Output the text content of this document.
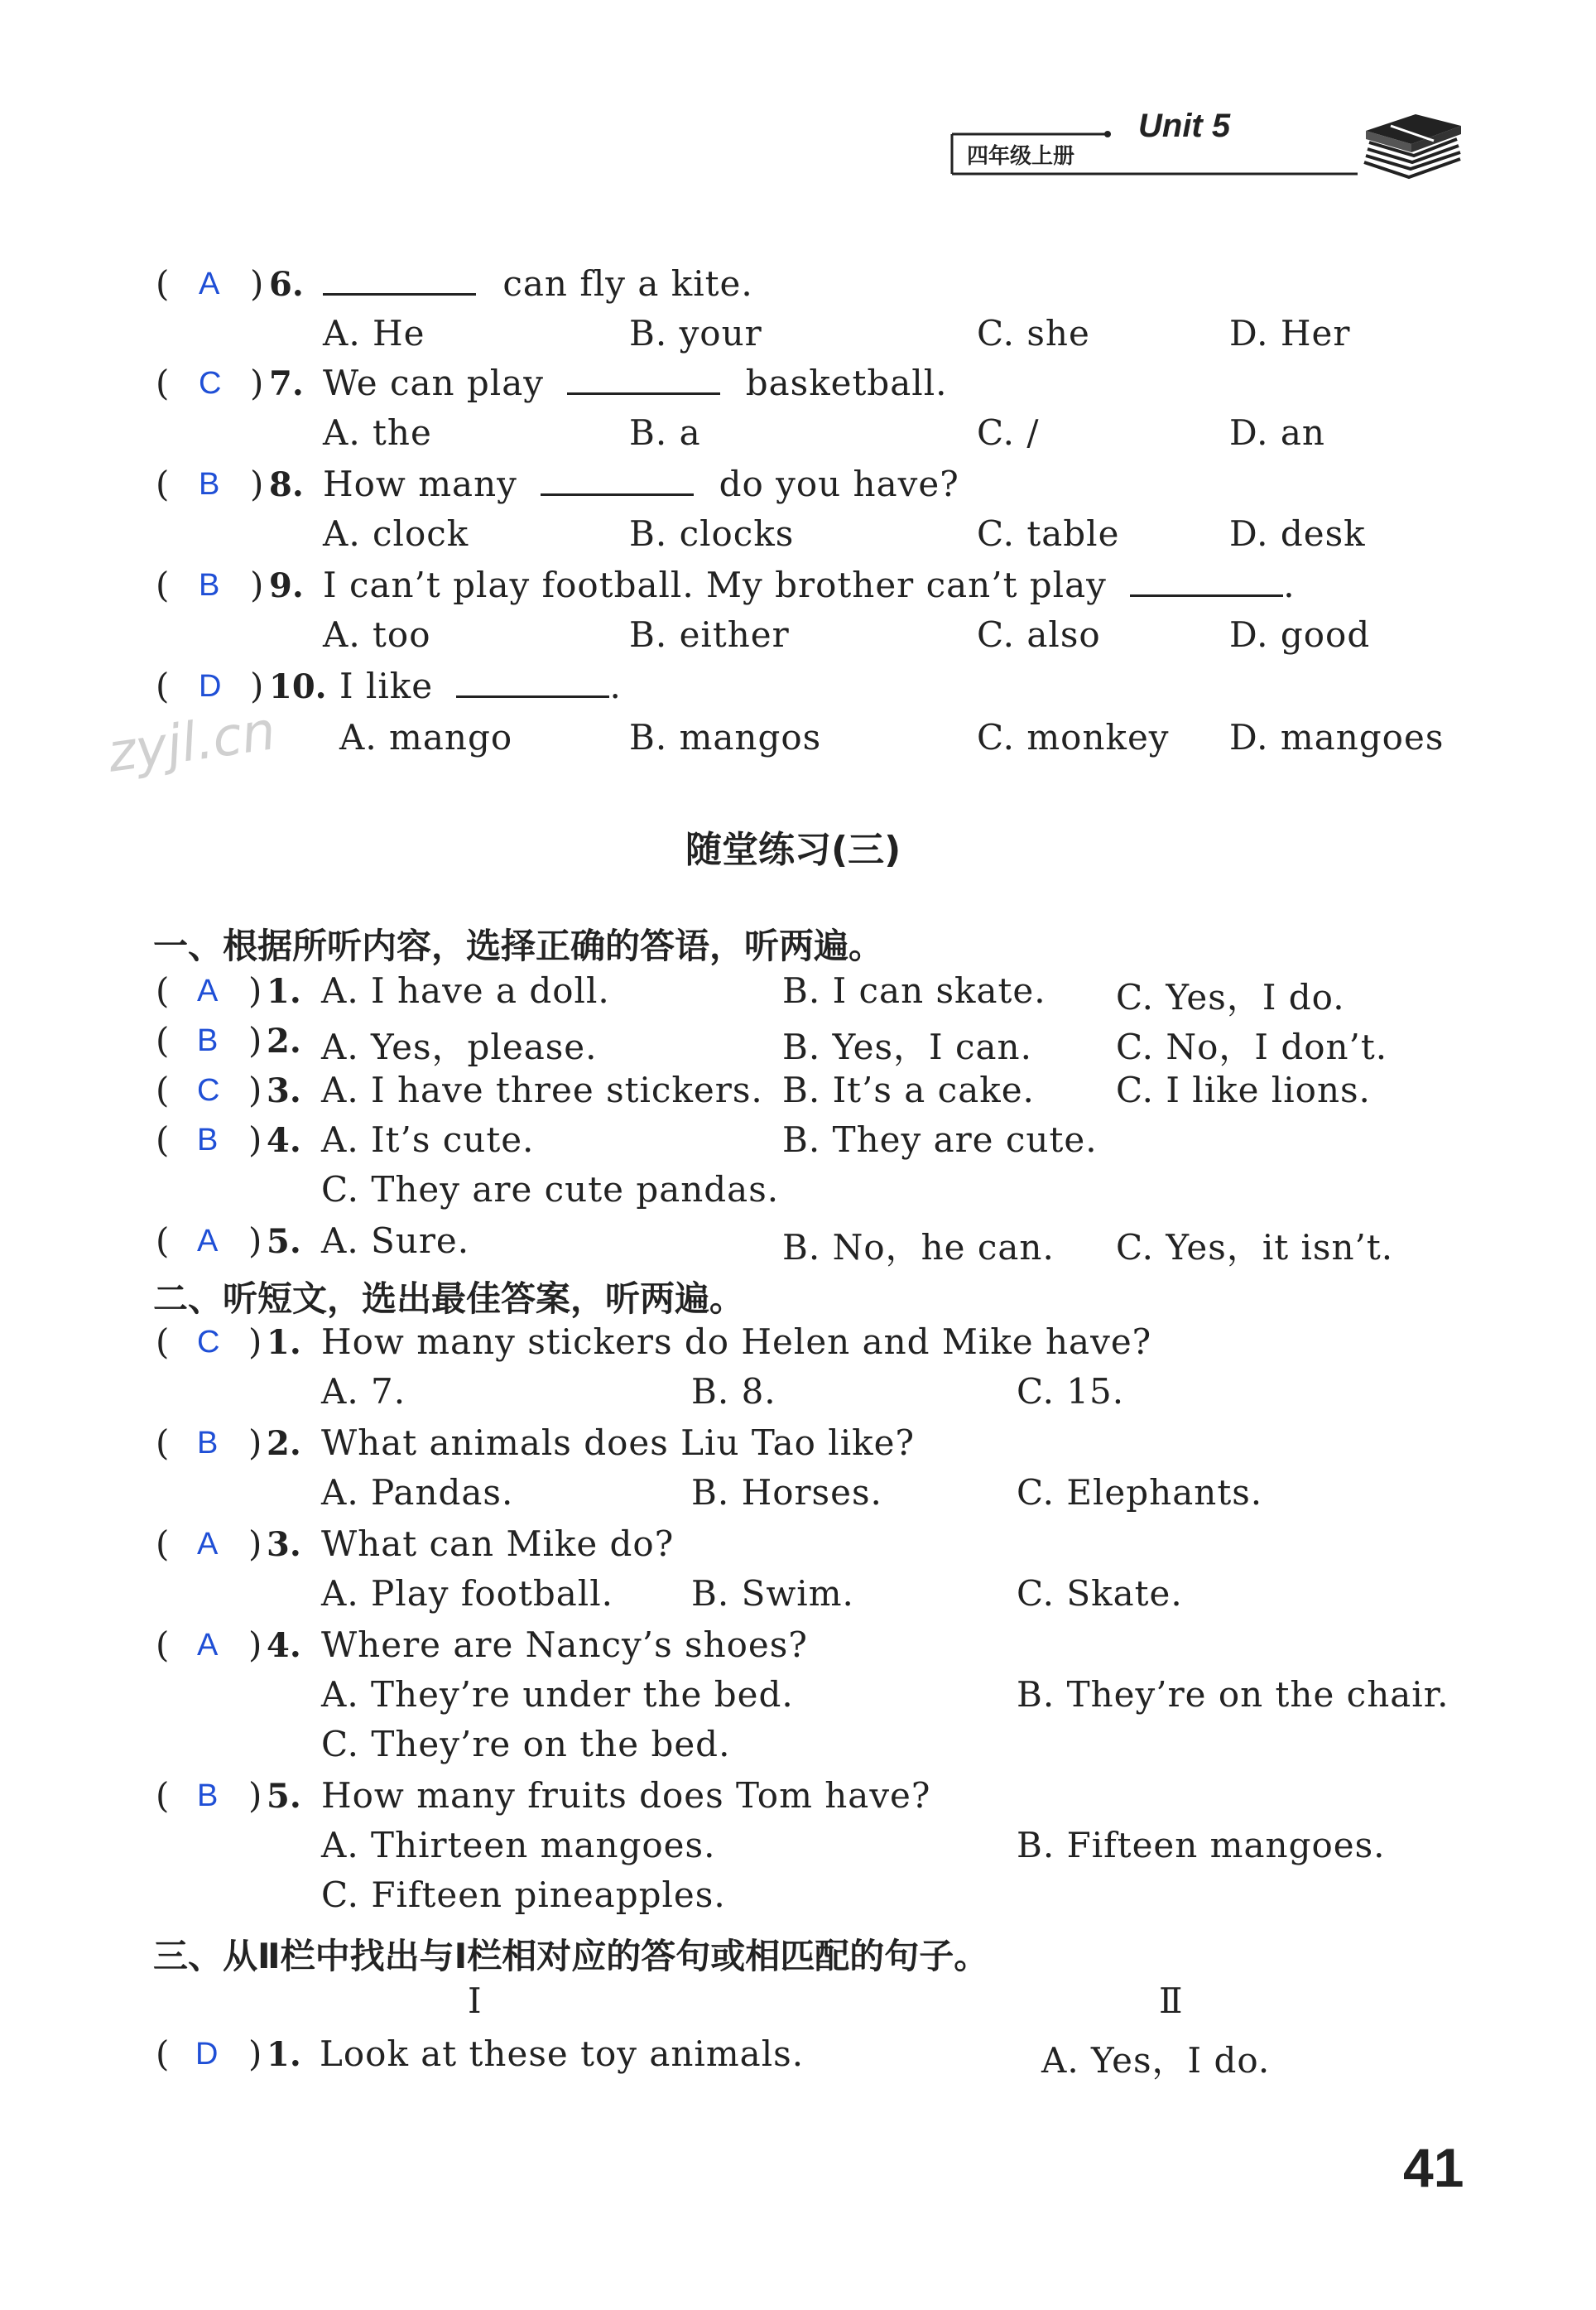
四年级上册
Unit 5
( A ) 6.	can fly a kite.
A. He	B. your	C. she	D. Her
( C ) 7. We can play	basketball.
A. the	B. a	C. /	D. an
( B ) 8. How many	do you have?
A. clock	B. clocks	C. table	D. desk
( B ) 9. I can’t play football. My brother can’t play	.
A. too	B. either	C. also	D. good
( D ) 10. I like	.
A. mango	B. mangos	C. monkey D. mangoes
zyjl.cn
随堂练习(三)
一、根据所听内容，选择正确的答语，听两遍。
( A ) 1. A. I have a doll.	B. I can skate. C. Yes，I do.
( B ) 2. A. Yes，please.	B. Yes，I can. C. No，I don’t.
( C ) 3. A. I have three stickers. B. It’s a cake. C. I like lions.
( B ) 4. A. It’s cute.	B. They are cute.
C. They are cute pandas.
( A ) 5. A. Sure.	B. No，he can. C. Yes，it isn’t.
二、听短文，选出最佳答案，听两遍。
( C ) 1. How many stickers do Helen and Mike have?
A. 7.	B. 8.	C. 15.
( B ) 2. What animals does Liu Tao like?
A. Pandas.	B. Horses.	C. Elephants.
( A ) 3. What can Mike do?
A. Play football. B. Swim.	C. Skate.
( A ) 4. Where are Nancy’s shoes?
A. They’re under the bed.	B. They’re on the chair.
C. They’re on the bed.
( B ) 5. How many fruits does Tom have?
A. Thirteen mangoes.	B. Fifteen mangoes.
C. Fifteen pineapples.
三、从Ⅱ栏中找出与Ⅰ栏相对应的答句或相匹配的句子。
Ⅰ	Ⅱ
( D ) 1. Look at these toy animals.	A. Yes，I do.
41
